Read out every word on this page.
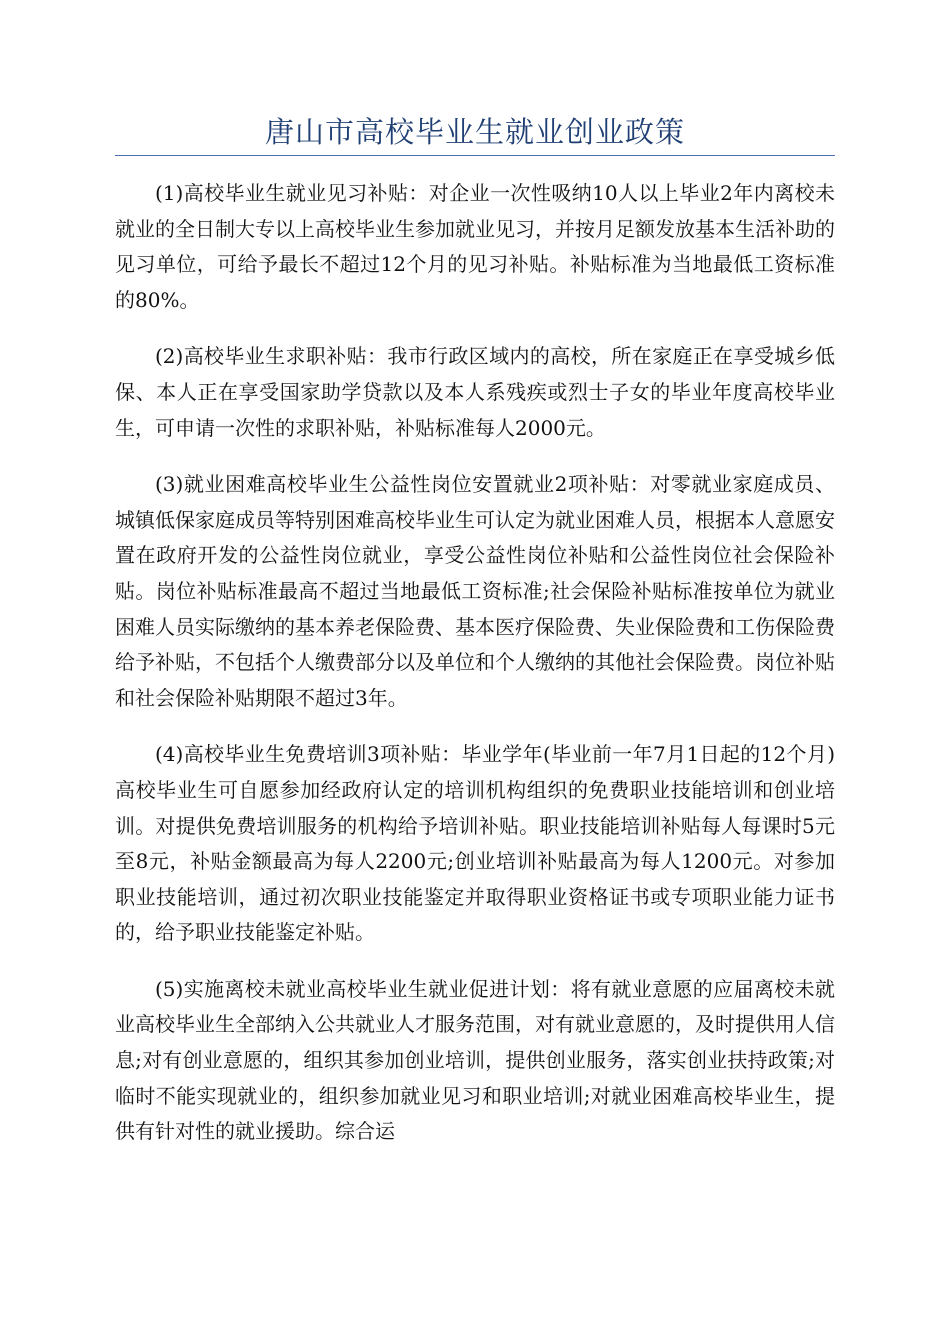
唐山市高校毕业生就业创业政策

(1)高校毕业生就业见习补贴：对企业一次性吸纳10人以上毕业2年内离校未就业的全日制大专以上高校毕业生参加就业见习，并按月足额发放基本生活补助的见习单位，可给予最长不超过12个月的见习补贴。补贴标准为当地最低工资标准的80%。

(2)高校毕业生求职补贴：我市行政区域内的高校，所在家庭正在享受城乡低保、本人正在享受国家助学贷款以及本人系残疾或烈士子女的毕业年度高校毕业生，可申请一次性的求职补贴，补贴标准每人2000元。

(3)就业困难高校毕业生公益性岗位安置就业2项补贴：对零就业家庭成员、城镇低保家庭成员等特别困难高校毕业生可认定为就业困难人员，根据本人意愿安置在政府开发的公益性岗位就业，享受公益性岗位补贴和公益性岗位社会保险补贴。岗位补贴标准最高不超过当地最低工资标准;社会保险补贴标准按单位为就业困难人员实际缴纳的基本养老保险费、基本医疗保险费、失业保险费和工伤保险费给予补贴，不包括个人缴费部分以及单位和个人缴纳的其他社会保险费。岗位补贴和社会保险补贴期限不超过3年。

(4)高校毕业生免费培训3项补贴：毕业学年(毕业前一年7月1日起的12个月)高校毕业生可自愿参加经政府认定的培训机构组织的免费职业技能培训和创业培训。对提供免费培训服务的机构给予培训补贴。职业技能培训补贴每人每课时5元至8元，补贴金额最高为每人2200元;创业培训补贴最高为每人1200元。对参加职业技能培训，通过初次职业技能鉴定并取得职业资格证书或专项职业能力证书的，给予职业技能鉴定补贴。

(5)实施离校未就业高校毕业生就业促进计划：将有就业意愿的应届离校未就业高校毕业生全部纳入公共就业人才服务范围，对有就业意愿的，及时提供用人信息;对有创业意愿的，组织其参加创业培训，提供创业服务，落实创业扶持政策;对临时不能实现就业的，组织参加就业见习和职业培训;对就业困难高校毕业生，提供有针对性的就业援助。综合运
